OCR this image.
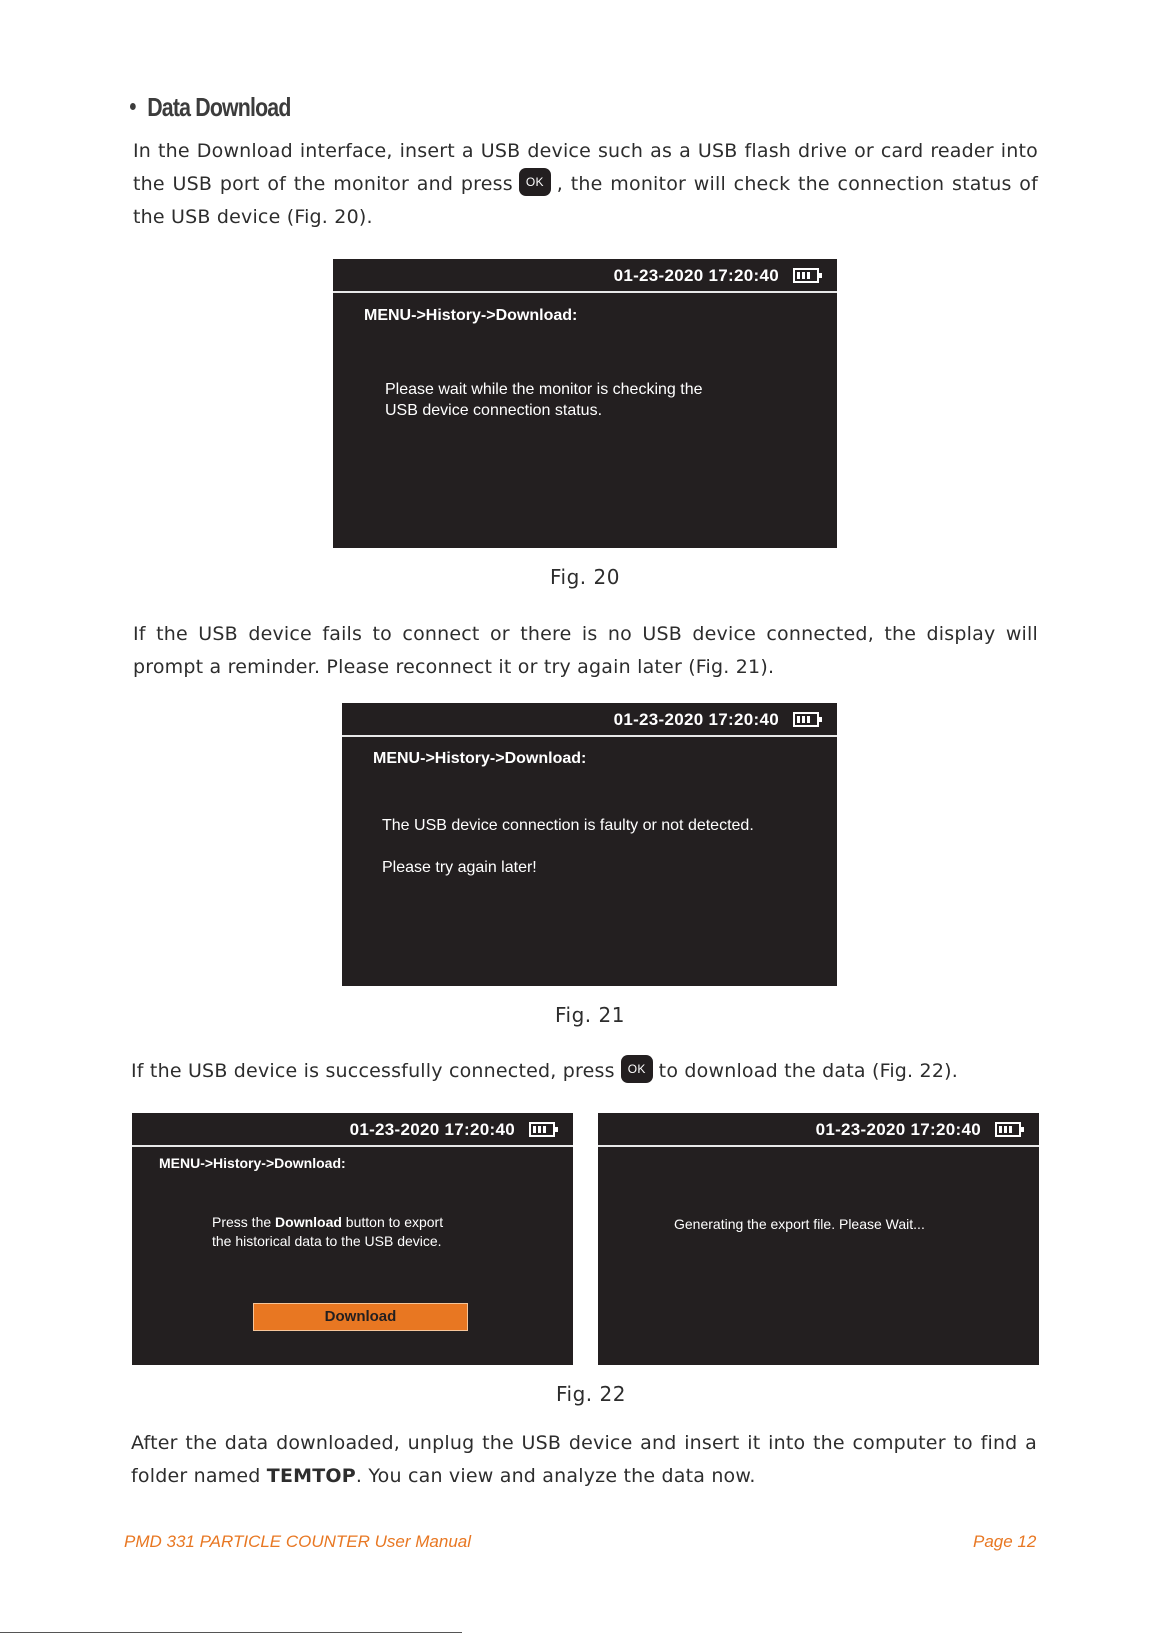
Data Download
In the Download interface, insert a USB device such as a USB flash drive or card reader into the USB port of the monitor and press OK , the monitor will check the connection status of the USB device (Fig. 20).
01-23-2020 17:20:40
MENU->History->Download:
Please wait while the monitor is checking the
USB device connection status.
Fig. 20
If the USB device fails to connect or there is no USB device connected, the display will prompt a reminder. Please reconnect it or try again later (Fig. 21).
01-23-2020 17:20:40
MENU->History->Download:
The USB device connection is faulty or not detected.
Please try again later!
Fig. 21
If the USB device is successfully connected, press OK to download the data (Fig. 22).
01-23-2020 17:20:40
MENU->History->Download:
Press the Download button to export
the historical data to the USB device.
Download
01-23-2020 17:20:40
Generating the export file. Please Wait...
Fig. 22
After the data downloaded, unplug the USB device and insert it into the computer to find a folder named TEMTOP. You can view and analyze the data now.
PMD 331 PARTICLE COUNTER User Manual	Page 12
